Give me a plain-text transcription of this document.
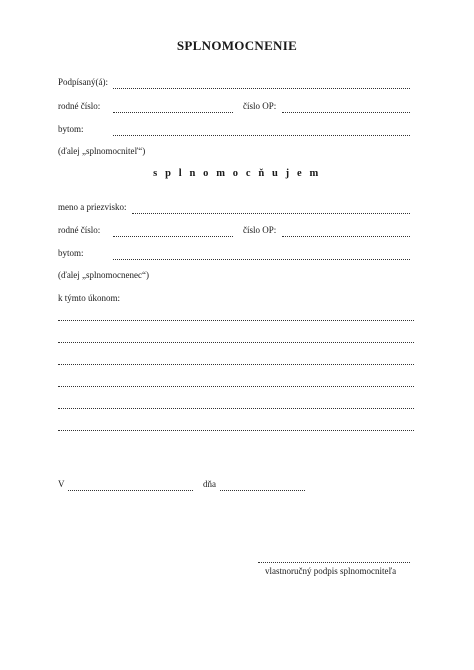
SPLNOMOCNENIE
Podpísaný(á):
rodné číslo:	číslo OP:
bytom:
(ďalej „splnomocniteľ“)
s p l n o m o c ň u j e m
meno a priezvisko:
rodné číslo:	číslo OP:
bytom:
(ďalej „splnomocnenec“)
k týmto úkonom:
V	dňa
vlastnoručný podpis splnomocniteľa
